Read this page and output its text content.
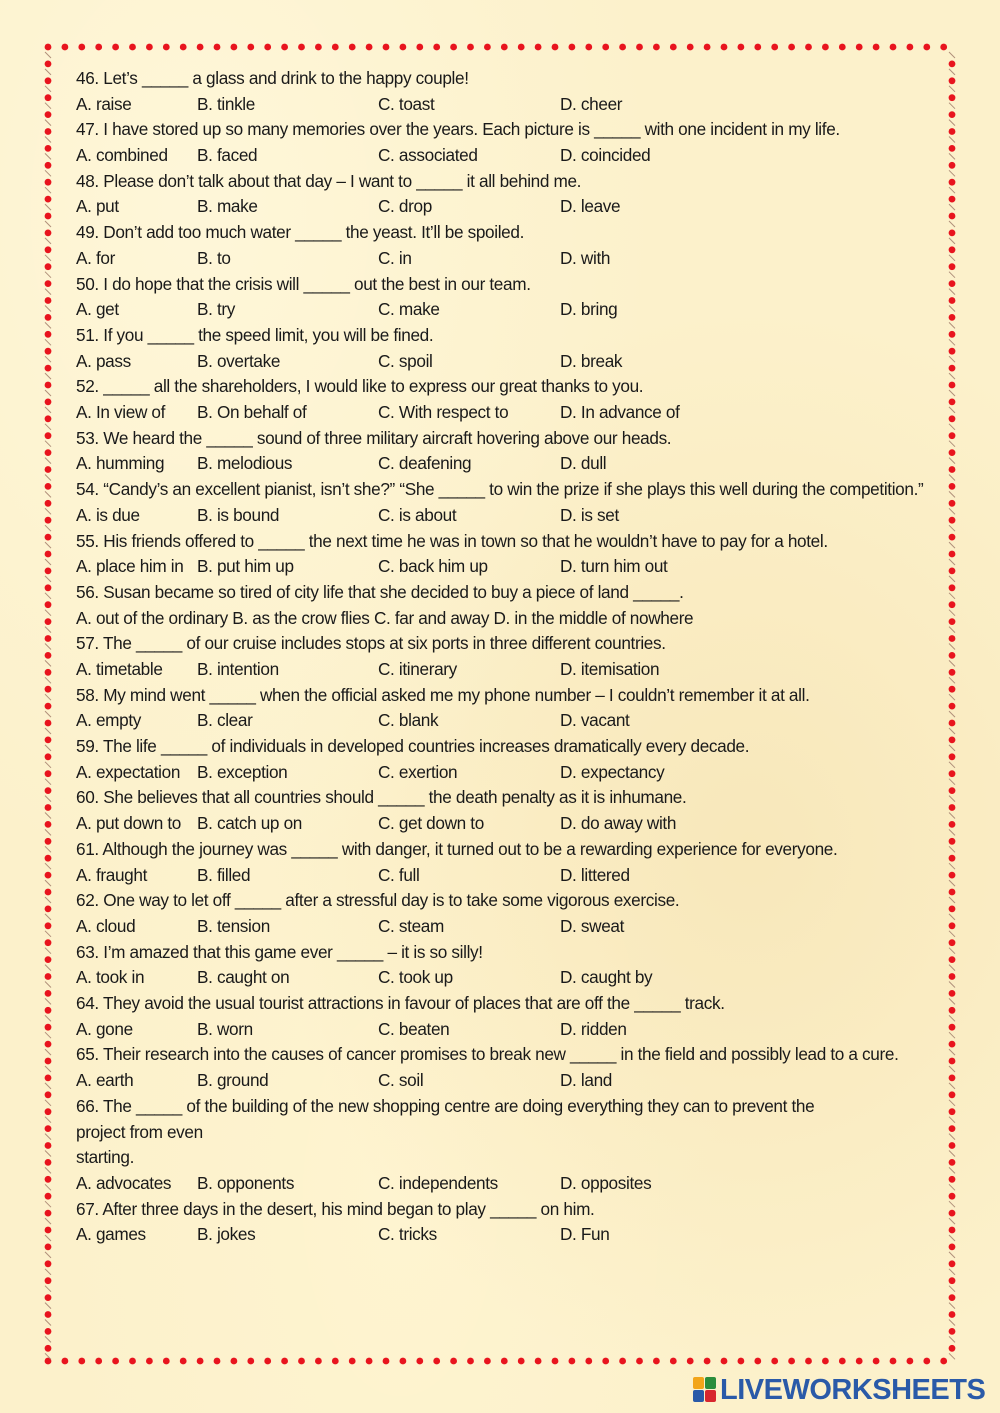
46. Let’s _____ a glass and drink to the happy couple!
A. raise	B. tinkle	C. toast	D. cheer
47. I have stored up so many memories over the years. Each picture is _____ with one incident in my life.
A. combined B. faced	C. associated	D. coincided
48. Please don’t talk about that day – I want to _____ it all behind me.
A. put	B. make	C. drop	D. leave
49. Don’t add too much water _____ the yeast. It’ll be spoiled.
A. for	B. to	C. in	D. with
50. I do hope that the crisis will _____ out the best in our team.
A. get	B. try	C. make	D. bring
51. If you _____ the speed limit, you will be fined.
A. pass	B. overtake	C. spoil	D. break
52. _____ all the shareholders, I would like to express our great thanks to you.
A. In view of B. On behalf of	C. With respect to	D. In advance of
53. We heard the _____ sound of three military aircraft hovering above our heads.
A. humming B. melodious	C. deafening	D. dull
54. “Candy’s an excellent pianist, isn’t she?” “She _____ to win the prize if she plays this well during the competition.”
A. is due	B. is bound	C. is about	D. is set
55. His friends offered to _____ the next time he was in town so that he wouldn’t have to pay for a hotel.
A. place him in B. put him up	C. back him up	D. turn him out
56. Susan became so tired of city life that she decided to buy a piece of land _____.
A. out of the ordinary B. as the crow flies C. far and away D. in the middle of nowhere
57. The _____ of our cruise includes stops at six ports in three different countries.
A. timetable B. intention	C. itinerary	D. itemisation
58. My mind went _____ when the official asked me my phone number – I couldn’t remember it at all.
A. empty	B. clear	C. blank	D. vacant
59. The life _____ of individuals in developed countries increases dramatically every decade.
A. expectation B. exception	C. exertion	D. expectancy
60. She believes that all countries should _____ the death penalty as it is inhumane.
A. put down to B. catch up on	C. get down to	D. do away with
61. Although the journey was _____ with danger, it turned out to be a rewarding experience for everyone.
A. fraught	B. filled	C. full	D. littered
62. One way to let off _____ after a stressful day is to take some vigorous exercise.
A. cloud	B. tension	C. steam	D. sweat
63. I’m amazed that this game ever _____ – it is so silly!
A. took in	B. caught on	C. took up	D. caught by
64. They avoid the usual tourist attractions in favour of places that are off the _____ track.
A. gone	B. worn	C. beaten	D. ridden
65. Their research into the causes of cancer promises to break new _____ in the field and possibly lead to a cure.
A. earth	B. ground	C. soil	D. land
66. The _____ of the building of the new shopping centre are doing everything they can to prevent the
project from even
starting.
A. advocates B. opponents	C. independents	D. opposites
67. After three days in the desert, his mind began to play _____ on him.
A. games	B. jokes	C. tricks	D. Fun
LIVEWORKSHEETS
